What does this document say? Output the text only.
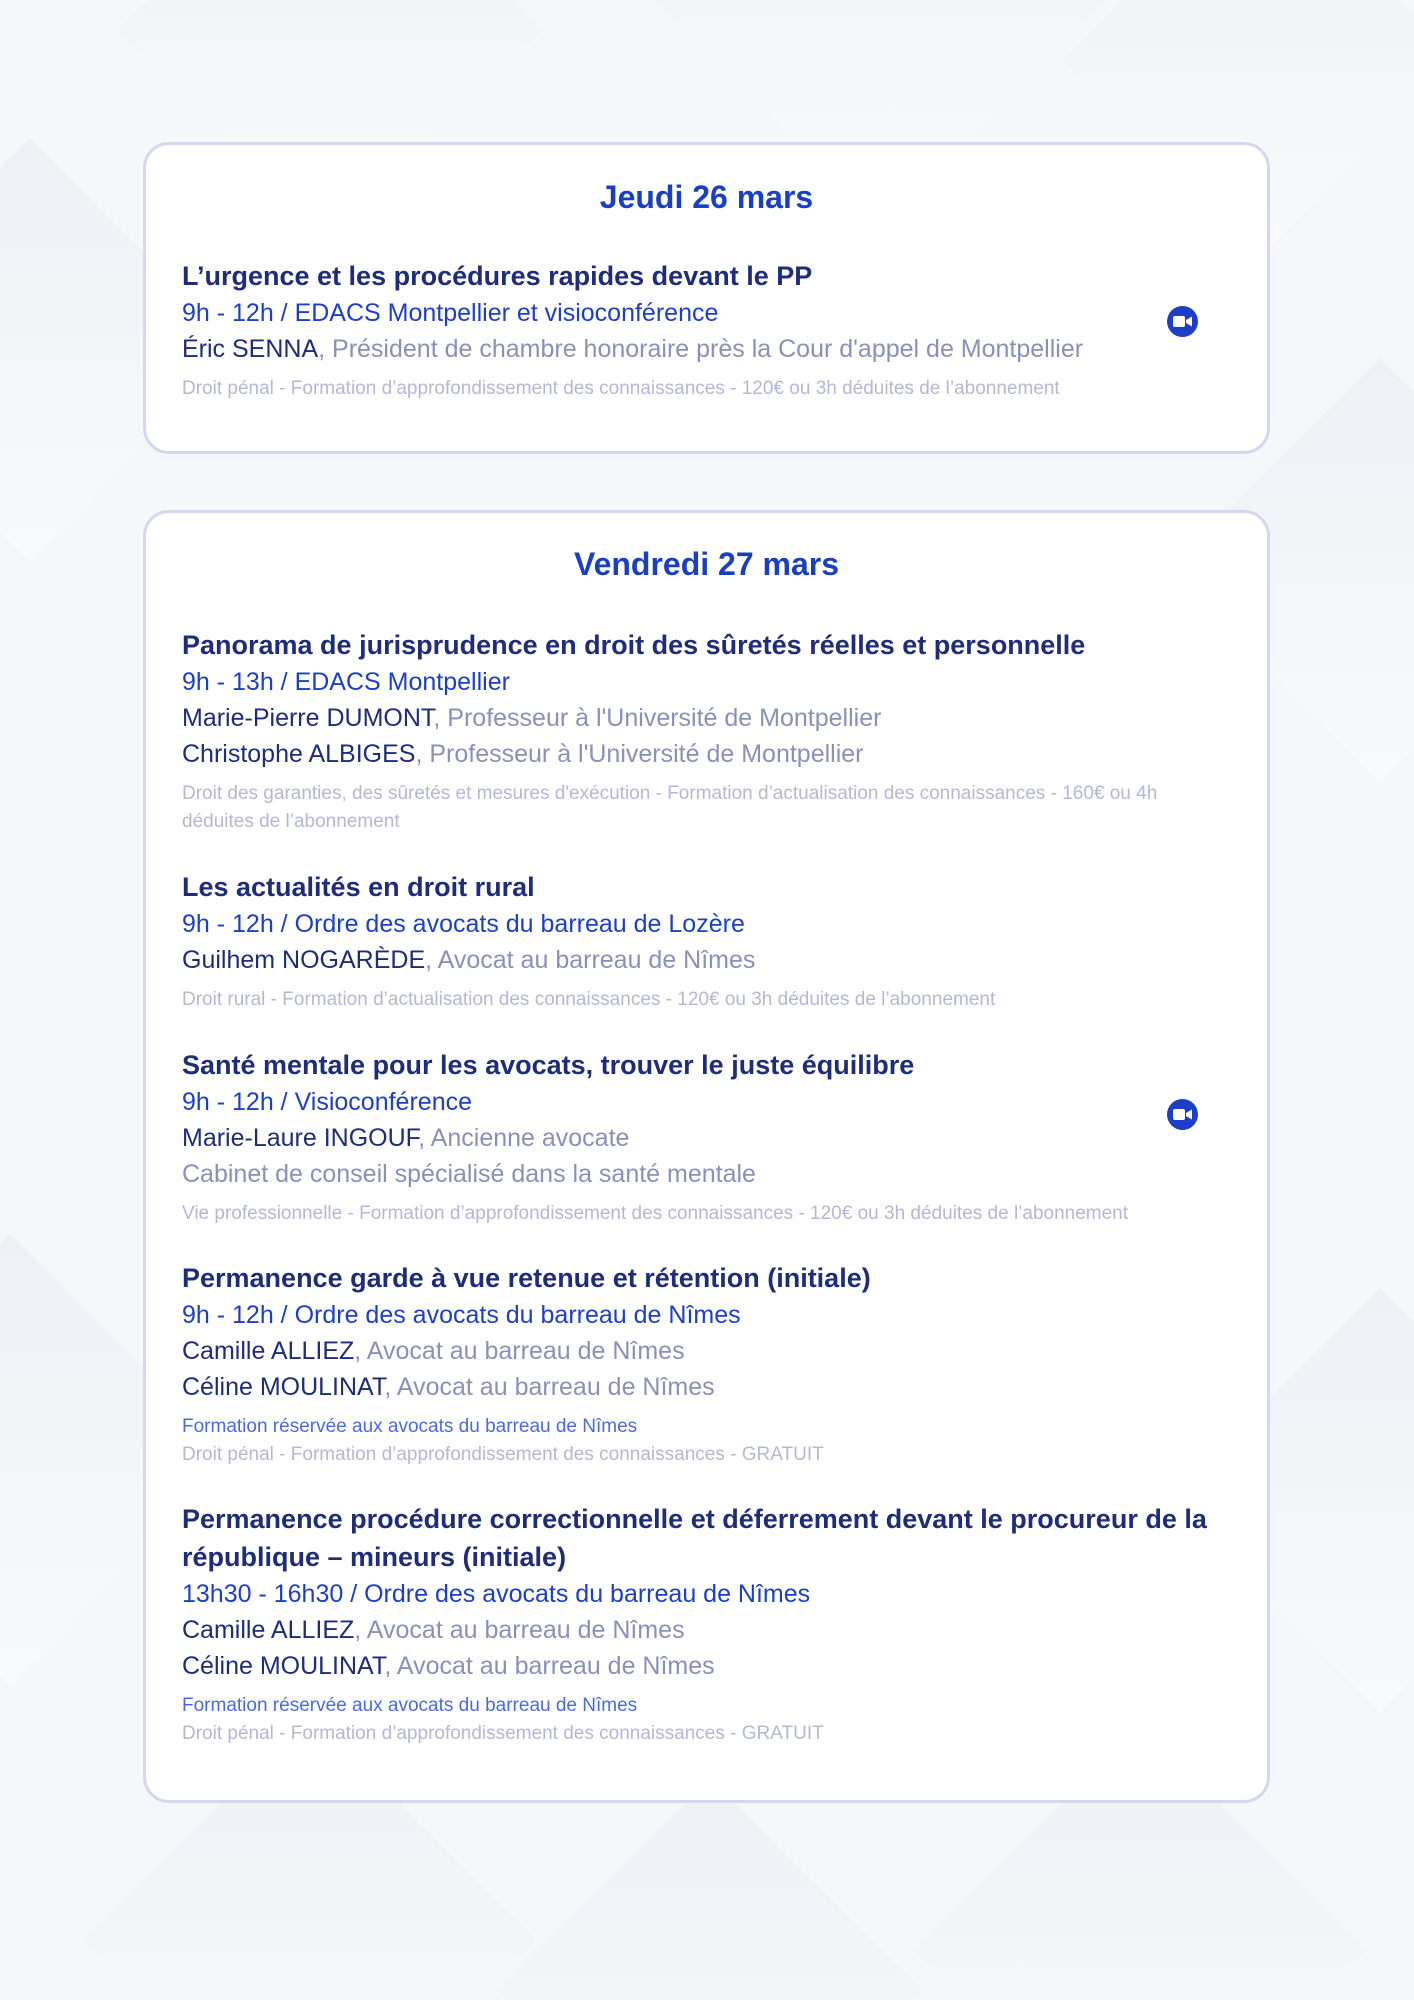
Jeudi 26 mars
L’urgence et les procédures rapides devant le PP
9h - 12h / EDACS Montpellier et visioconférence
Éric SENNA, Président de chambre honoraire près la Cour d'appel de Montpellier
Droit pénal - Formation d’approfondissement des connaissances - 120€ ou 3h déduites de l’abonnement
Vendredi 27 mars
Panorama de jurisprudence en droit des sûretés réelles et personnelle
9h - 13h / EDACS Montpellier
Marie-Pierre DUMONT, Professeur à l'Université de Montpellier
Christophe ALBIGES, Professeur à l'Université de Montpellier
Droit des garanties, des sûretés et mesures d'exécution - Formation d’actualisation des connaissances - 160€ ou 4h déduites de l’abonnement
Les actualités en droit rural
9h - 12h / Ordre des avocats du barreau de Lozère
Guilhem NOGARÈDE, Avocat au barreau de Nîmes
Droit rural - Formation d’actualisation des connaissances - 120€ ou 3h déduites de l’abonnement
Santé mentale pour les avocats, trouver le juste équilibre
9h - 12h / Visioconférence
Marie-Laure INGOUF, Ancienne avocate
Cabinet de conseil spécialisé dans la santé mentale
Vie professionnelle - Formation d’approfondissement des connaissances - 120€ ou 3h déduites de l’abonnement
Permanence garde à vue retenue et rétention (initiale)
9h - 12h / Ordre des avocats du barreau de Nîmes
Camille ALLIEZ, Avocat au barreau de Nîmes
Céline MOULINAT, Avocat au barreau de Nîmes
Formation réservée aux avocats du barreau de Nîmes
Droit pénal - Formation d’approfondissement des connaissances - GRATUIT
Permanence procédure correctionnelle et déferrement devant le procureur de la république – mineurs (initiale)
13h30 - 16h30 / Ordre des avocats du barreau de Nîmes
Camille ALLIEZ, Avocat au barreau de Nîmes
Céline MOULINAT, Avocat au barreau de Nîmes
Formation réservée aux avocats du barreau de Nîmes
Droit pénal - Formation d’approfondissement des connaissances - GRATUIT
